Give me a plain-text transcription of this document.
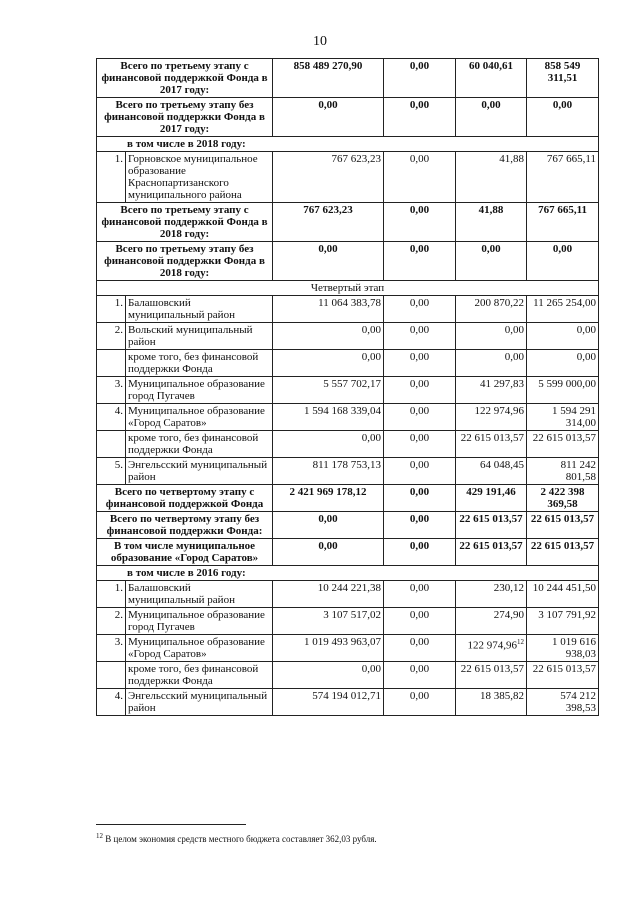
10
Всего по третьему этапу с финансовой поддержкой Фонда в 2017 году:		858 489 270,90	0,00	60 040,61	858 549 311,51
Всего по третьему этапу без финансовой поддержки Фонда в 2017 году:		0,00	0,00	0,00	0,00
в том числе в 2018 году:					
1.	Горновское муниципальное образование Краснопартизанского муниципального района	767 623,23	0,00	41,88	767 665,11
Всего по третьему этапу с финансовой поддержкой Фонда в 2018 году:		767 623,23	0,00	41,88	767 665,11
Всего по третьему этапу без финансовой поддержки Фонда в 2018 году:		0,00	0,00	0,00	0,00
Четвертый этап					
1.	Балашовский муниципальный район	11 064 383,78	0,00	200 870,22	11 265 254,00
2.	Вольский муниципальный район	0,00	0,00	0,00	0,00
	кроме того, без финансовой поддержки Фонда	0,00	0,00	0,00	0,00
3.	Муниципальное образование город Пугачев	5 557 702,17	0,00	41 297,83	5 599 000,00
4.	Муниципальное образование «Город Саратов»	1 594 168 339,04	0,00	122 974,96	1 594 291 314,00
	кроме того, без финансовой поддержки Фонда	0,00	0,00	22 615 013,57	22 615 013,57
5.	Энгельсский муниципальный район	811 178 753,13	0,00	64 048,45	811 242 801,58
Всего по четвертому этапу с финансовой поддержкой Фонда		2 421 969 178,12	0,00	429 191,46	2 422 398 369,58
Всего по четвертому этапу без финансовой поддержки Фонда:		0,00	0,00	22 615 013,57	22 615 013,57
В том числе муниципальное образование «Город Саратов»		0,00	0,00	22 615 013,57	22 615 013,57
в том числе в 2016 году:					
1.	Балашовский муниципальный район	10 244 221,38	0,00	230,12	10 244 451,50
2.	Муниципальное образование город Пугачев	3 107 517,02	0,00	274,90	3 107 791,92
3.	Муниципальное образование «Город Саратов»	1 019 493 963,07	0,00	122 974,96$^{12}$	1 019 616 938,03
	кроме того, без финансовой поддержки Фонда	0,00	0,00	22 615 013,57	22 615 013,57
4.	Энгельсский муниципальный район	574 194 012,71	0,00	18 385,82	574 212 398,53
$^{12}$ В целом экономия средств местного бюджета составляет 362,03 рубля.
